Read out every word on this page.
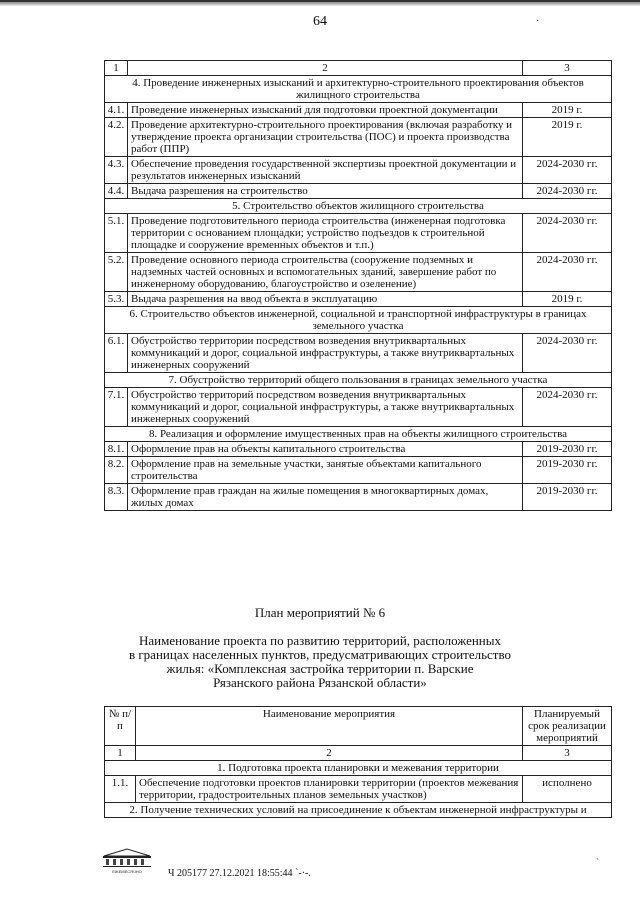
64	·
1	2	3
4. Проведение инженерных изысканий и архитектурно-строительного проектирования объектов жилищного строительства		
4.1.	Проведение инженерных изысканий для подготовки проектной документации	2019 г.
4.2.	Проведение архитектурно-строительного проектирования (включая разработку и утверждение проекта организации строительства (ПОС) и проекта производства работ (ППР)	2019 г.
4.3.	Обеспечение проведения государственной экспертизы проектной документации и результатов инженерных изысканий	2024-2030 гг.
4.4.	Выдача разрешения на строительство	2024-2030 гг.
5. Строительство объектов жилищного строительства		
5.1.	Проведение подготовительного периода строительства (инженерная подготовка территории с основанием площадки; устройство подъездов к строительной площадке и сооружение временных объектов и т.п.)	2024-2030 гг.
5.2.	Проведение основного периода строительства (сооружение подземных и надземных частей основных и вспомогательных зданий, завершение работ по инженерному оборудованию, благоустройство и озеленение)	2024-2030 гг.
5.3.	Выдача разрешения на ввод объекта в эксплуатацию	2019 г.
6. Строительство объектов инженерной, социальной и транспортной инфраструктуры в границах земельного участка		
6.1.	Обустройство территории посредством возведения внутриквартальных коммуникаций и дорог, социальной инфраструктуры, а также внутриквартальных инженерных сооружений	2024-2030 гг.
7. Обустройство территорий общего пользования в границах земельного участка		
7.1.	Обустройство территорий посредством возведения внутриквартальных коммуникаций и дорог, социальной инфраструктуры, а также внутриквартальных инженерных сооружений	2024-2030 гг.
8. Реализация и оформление имущественных прав на объекты жилищного строительства		
8.1.	Оформление прав на объекты капитального строительства	2019-2030 гг.
8.2.	Оформление прав на земельные участки, занятые объектами капитального строительства	2019-2030 гг.
8.3.	Оформление прав граждан на жилые помещения в многоквартирных домах, жилых домах	2019-2030 гг.
План мероприятий № 6
Наименование проекта по развитию территорий, расположенных
в границах населенных пунктов, предусматривающих строительство
жилья: «Комплексная застройка территории п. Варские
Рязанского района Рязанской области»
№ п/п	Наименование мероприятия	Планируемый срок реализации мероприятий
1	2	3
1. Подготовка проекта планировки и межевания территории		
1.1.	Обеспечение подготовки проектов планировки территории (проектов межевания территории, градостроительных планов земельных участков)	исполнено
2. Получение технических условий на присоединение к объектам инженерной инфраструктуры и		
ЕЖЕМЕСЯЧНО	Ч 205177 27.12.2021 18:55:44 `-·-.
`
